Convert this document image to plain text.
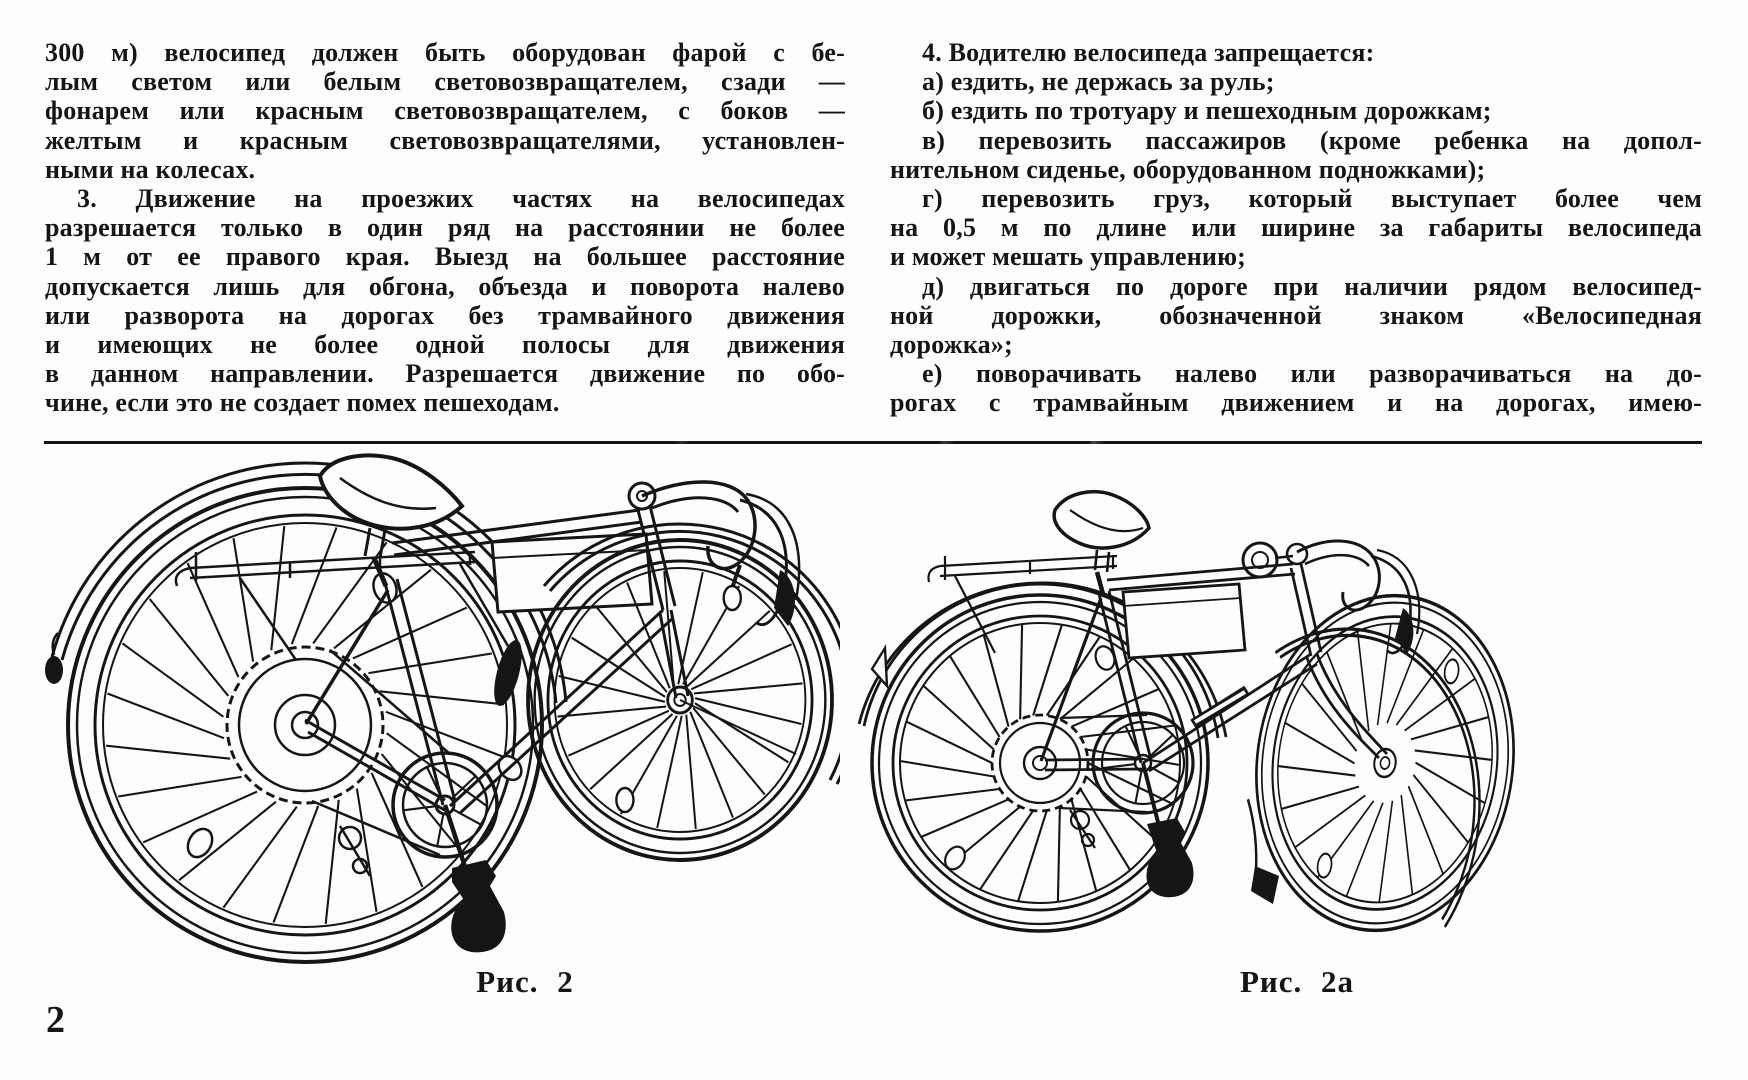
300 м) велосипед должен быть оборудован фарой с бе-
лым светом или белым световозвращателем, сзади —
фонарем или красным световозвращателем, с боков —
желтым и красным световозвращателями, установлен-
ными на колесах.
3. Движение на проезжих частях на велосипедах
разрешается только в один ряд на расстоянии не более
1 м от ее правого края. Выезд на большее расстояние
допускается лишь для обгона, объезда и поворота налево
или разворота на дорогах без трамвайного движения
и имеющих не более одной полосы для движения
в данном направлении. Разрешается движение по обо-
чине, если это не создает помех пешеходам.
4. Водителю велосипеда запрещается:
а) ездить, не держась за руль;
б) ездить по тротуару и пешеходным дорожкам;
в) перевозить пассажиров (кроме ребенка на допол-
нительном сиденье, оборудованном подножками);
г) перевозить груз, который выступает более чем
на 0,5 м по длине или ширине за габариты велосипеда
и может мешать управлению;
д) двигаться по дороге при наличии рядом велосипед-
ной дорожки, обозначенной знаком «Велосипедная
дорожка»;
е) поворачивать налево или разворачиваться на до-
рогах с трамвайным движением и на дорогах, имею-
Рис. 2	Рис. 2а
2
